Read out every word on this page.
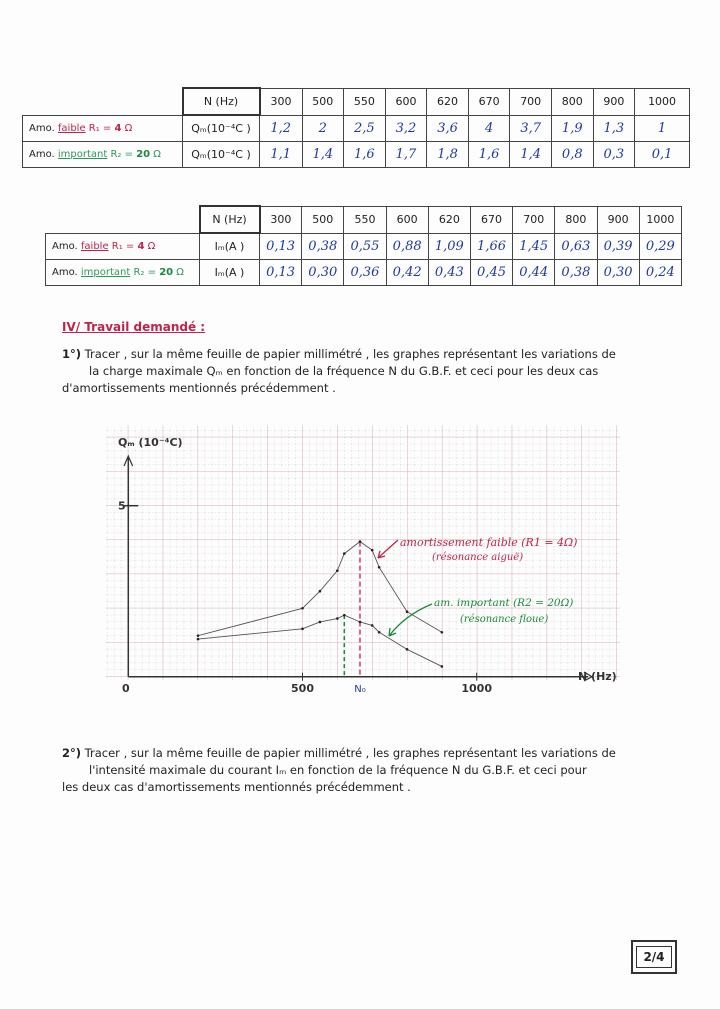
	N (Hz)	300	500	550	600	620	670	700	800	900	1000
Amo. faible R₁ = 4 Ω	Qₘ(10⁻⁴C )	1,2	2	2,5	3,2	3,6	4	3,7	1,9	1,3	1
Amo. important R₂ = 20 Ω	Qₘ(10⁻⁴C )	1,1	1,4	1,6	1,7	1,8	1,6	1,4	0,8	0,3	0,1
	N (Hz)	300	500	550	600	620	670	700	800	900	1000
Amo. faible R₁ = 4 Ω	Iₘ(A )	0,13	0,38	0,55	0,88	1,09	1,66	1,45	0,63	0,39	0,29
Amo. important R₂ = 20 Ω	Iₘ(A )	0,13	0,30	0,36	0,42	0,43	0,45	0,44	0,38	0,30	0,24
IV/ Travail demandé :
1°) Tracer , sur la même feuille de papier millimétré , les graphes représentant les variations de
la charge maximale Qₘ en fonction de la fréquence N du G.B.F. et ceci pour les deux cas
d'amortissements mentionnés précédemment .
Qₘ (10⁻⁴C)
N (Hz)
0	500	1000
5
N₀
amortissement faible (R1 = 4Ω)
(résonance aiguë)
am. important (R2 = 20Ω)
(résonance floue)
2°) Tracer , sur la même feuille de papier millimétré , les graphes représentant les variations de
l'intensité maximale du courant Iₘ en fonction de la fréquence N du G.B.F. et ceci pour
les deux cas d'amortissements mentionnés précédemment .
2/4
